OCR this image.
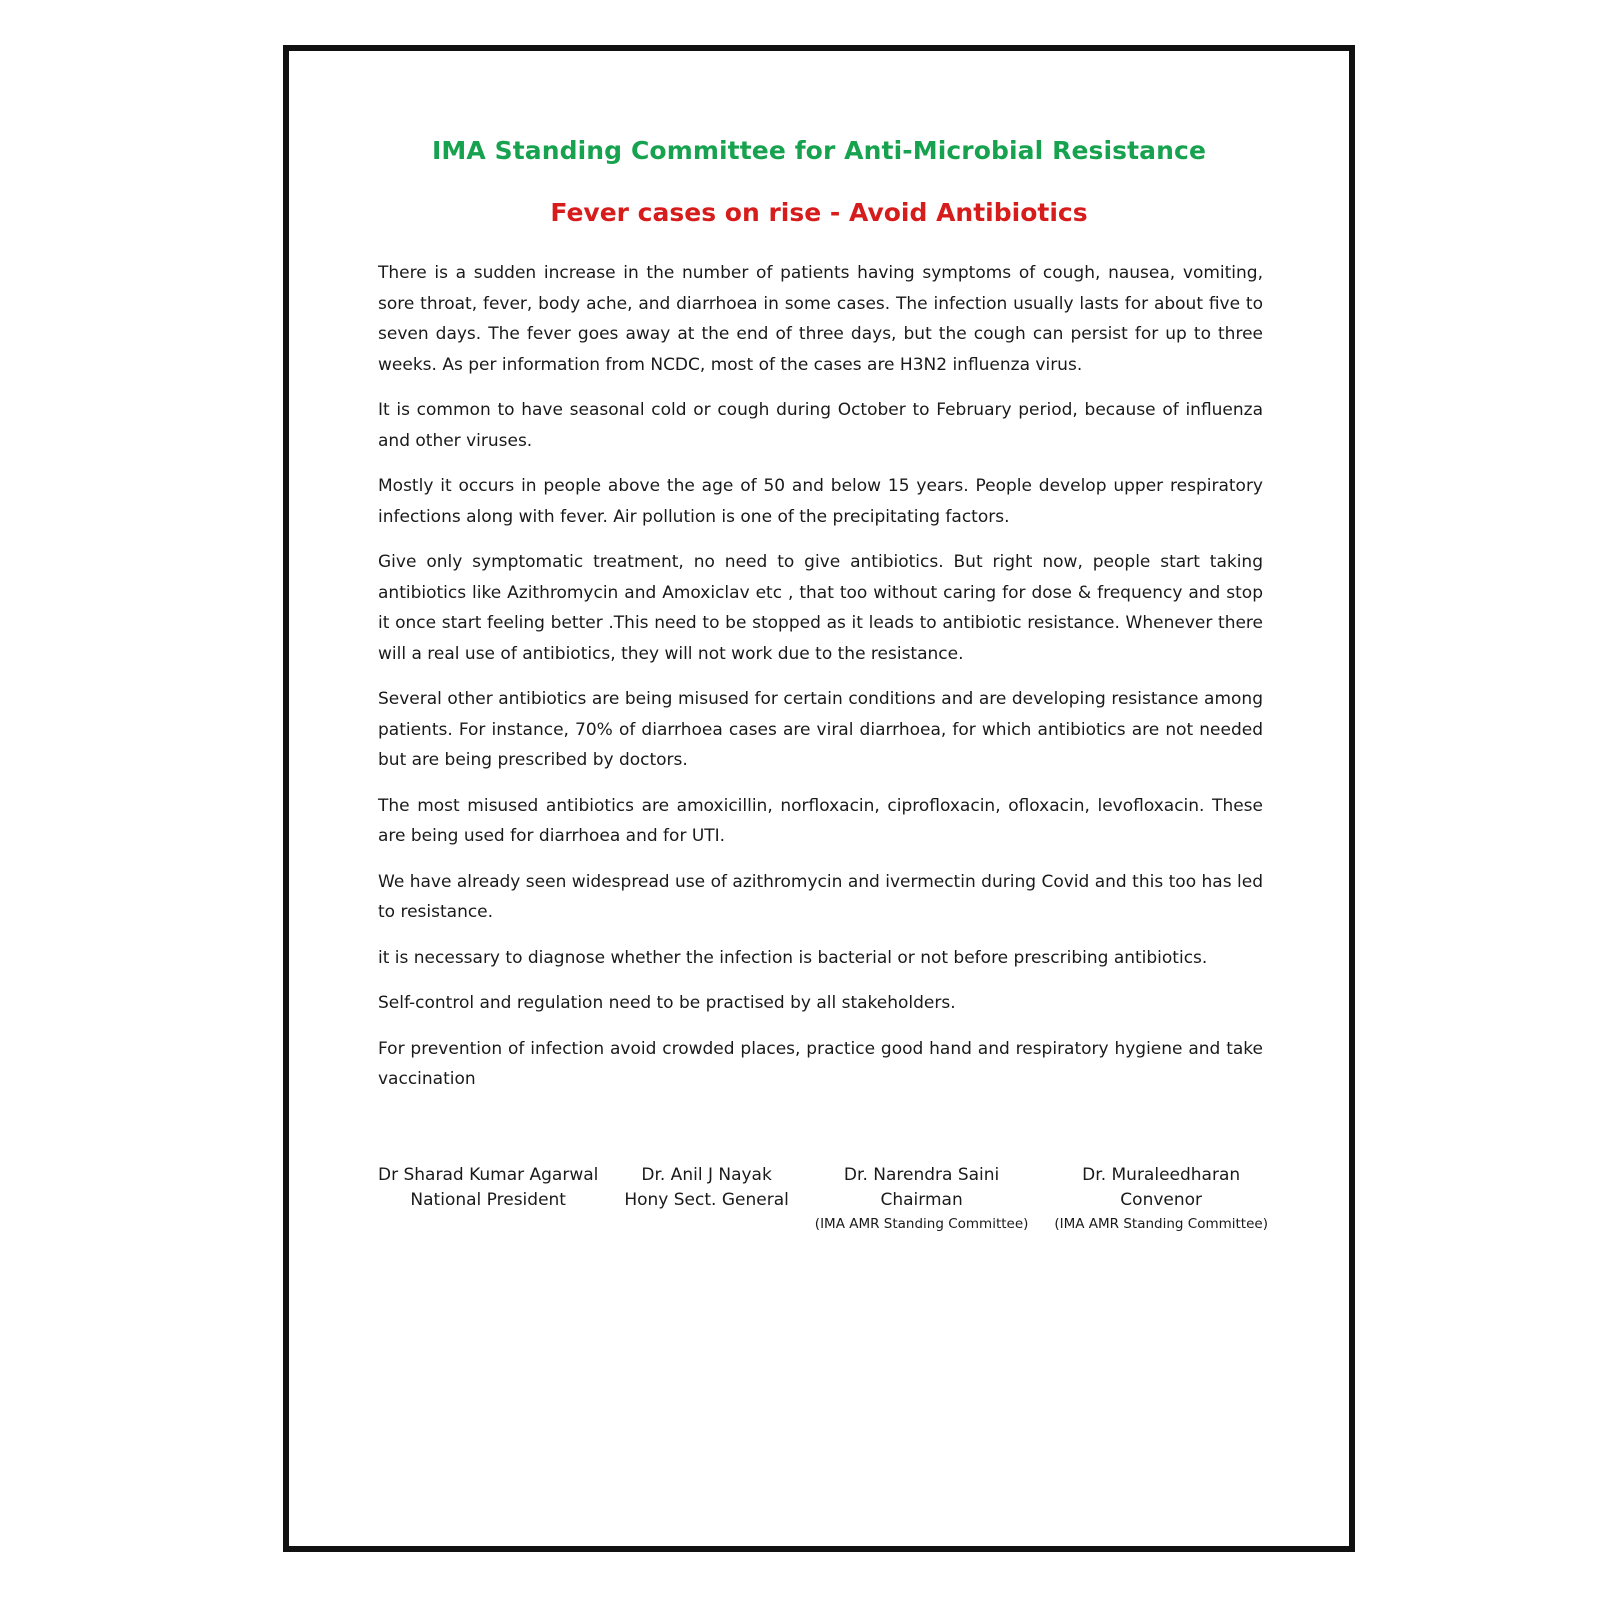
IMA Standing Committee for Anti-Microbial Resistance
Fever cases on rise - Avoid Antibiotics

There is a sudden increase in the number of patients having symptoms of cough, nausea, vomiting, sore throat, fever, body ache, and diarrhoea in some cases. The infection usually lasts for about five to seven days. The fever goes away at the end of three days, but the cough can persist for up to three weeks. As per information from NCDC, most of the cases are H3N2 influenza virus.

It is common to have seasonal cold or cough during October to February period, because of influenza and other viruses.

Mostly it occurs in people above the age of 50 and below 15 years. People develop upper respiratory infections along with fever. Air pollution is one of the precipitating factors.

Give only symptomatic treatment, no need to give antibiotics. But right now, people start taking antibiotics like Azithromycin and Amoxiclav etc , that too without caring for dose & frequency and stop it once start feeling better .This need to be stopped as it leads to antibiotic resistance. Whenever there will a real use of antibiotics, they will not work due to the resistance.

Several other antibiotics are being misused for certain conditions and are developing resistance among patients. For instance, 70% of diarrhoea cases are viral diarrhoea, for which antibiotics are not needed but are being prescribed by doctors.

The most misused antibiotics are amoxicillin, norfloxacin, ciprofloxacin, ofloxacin, levofloxacin. These are being used for diarrhoea and for UTI.

We have already seen widespread use of azithromycin and ivermectin during Covid and this too has led to resistance.

it is necessary to diagnose whether the infection is bacterial or not before prescribing antibiotics.

Self-control and regulation need to be practised by all stakeholders.

For prevention of infection avoid crowded places, practice good hand and respiratory hygiene and take vaccination

Dr Sharad Kumar Agarwal
National President
Dr. Anil J Nayak
Hony Sect. General
Dr. Narendra Saini
Chairman
(IMA AMR Standing Committee)
Dr. Muraleedharan
Convenor
(IMA AMR Standing Committee)
